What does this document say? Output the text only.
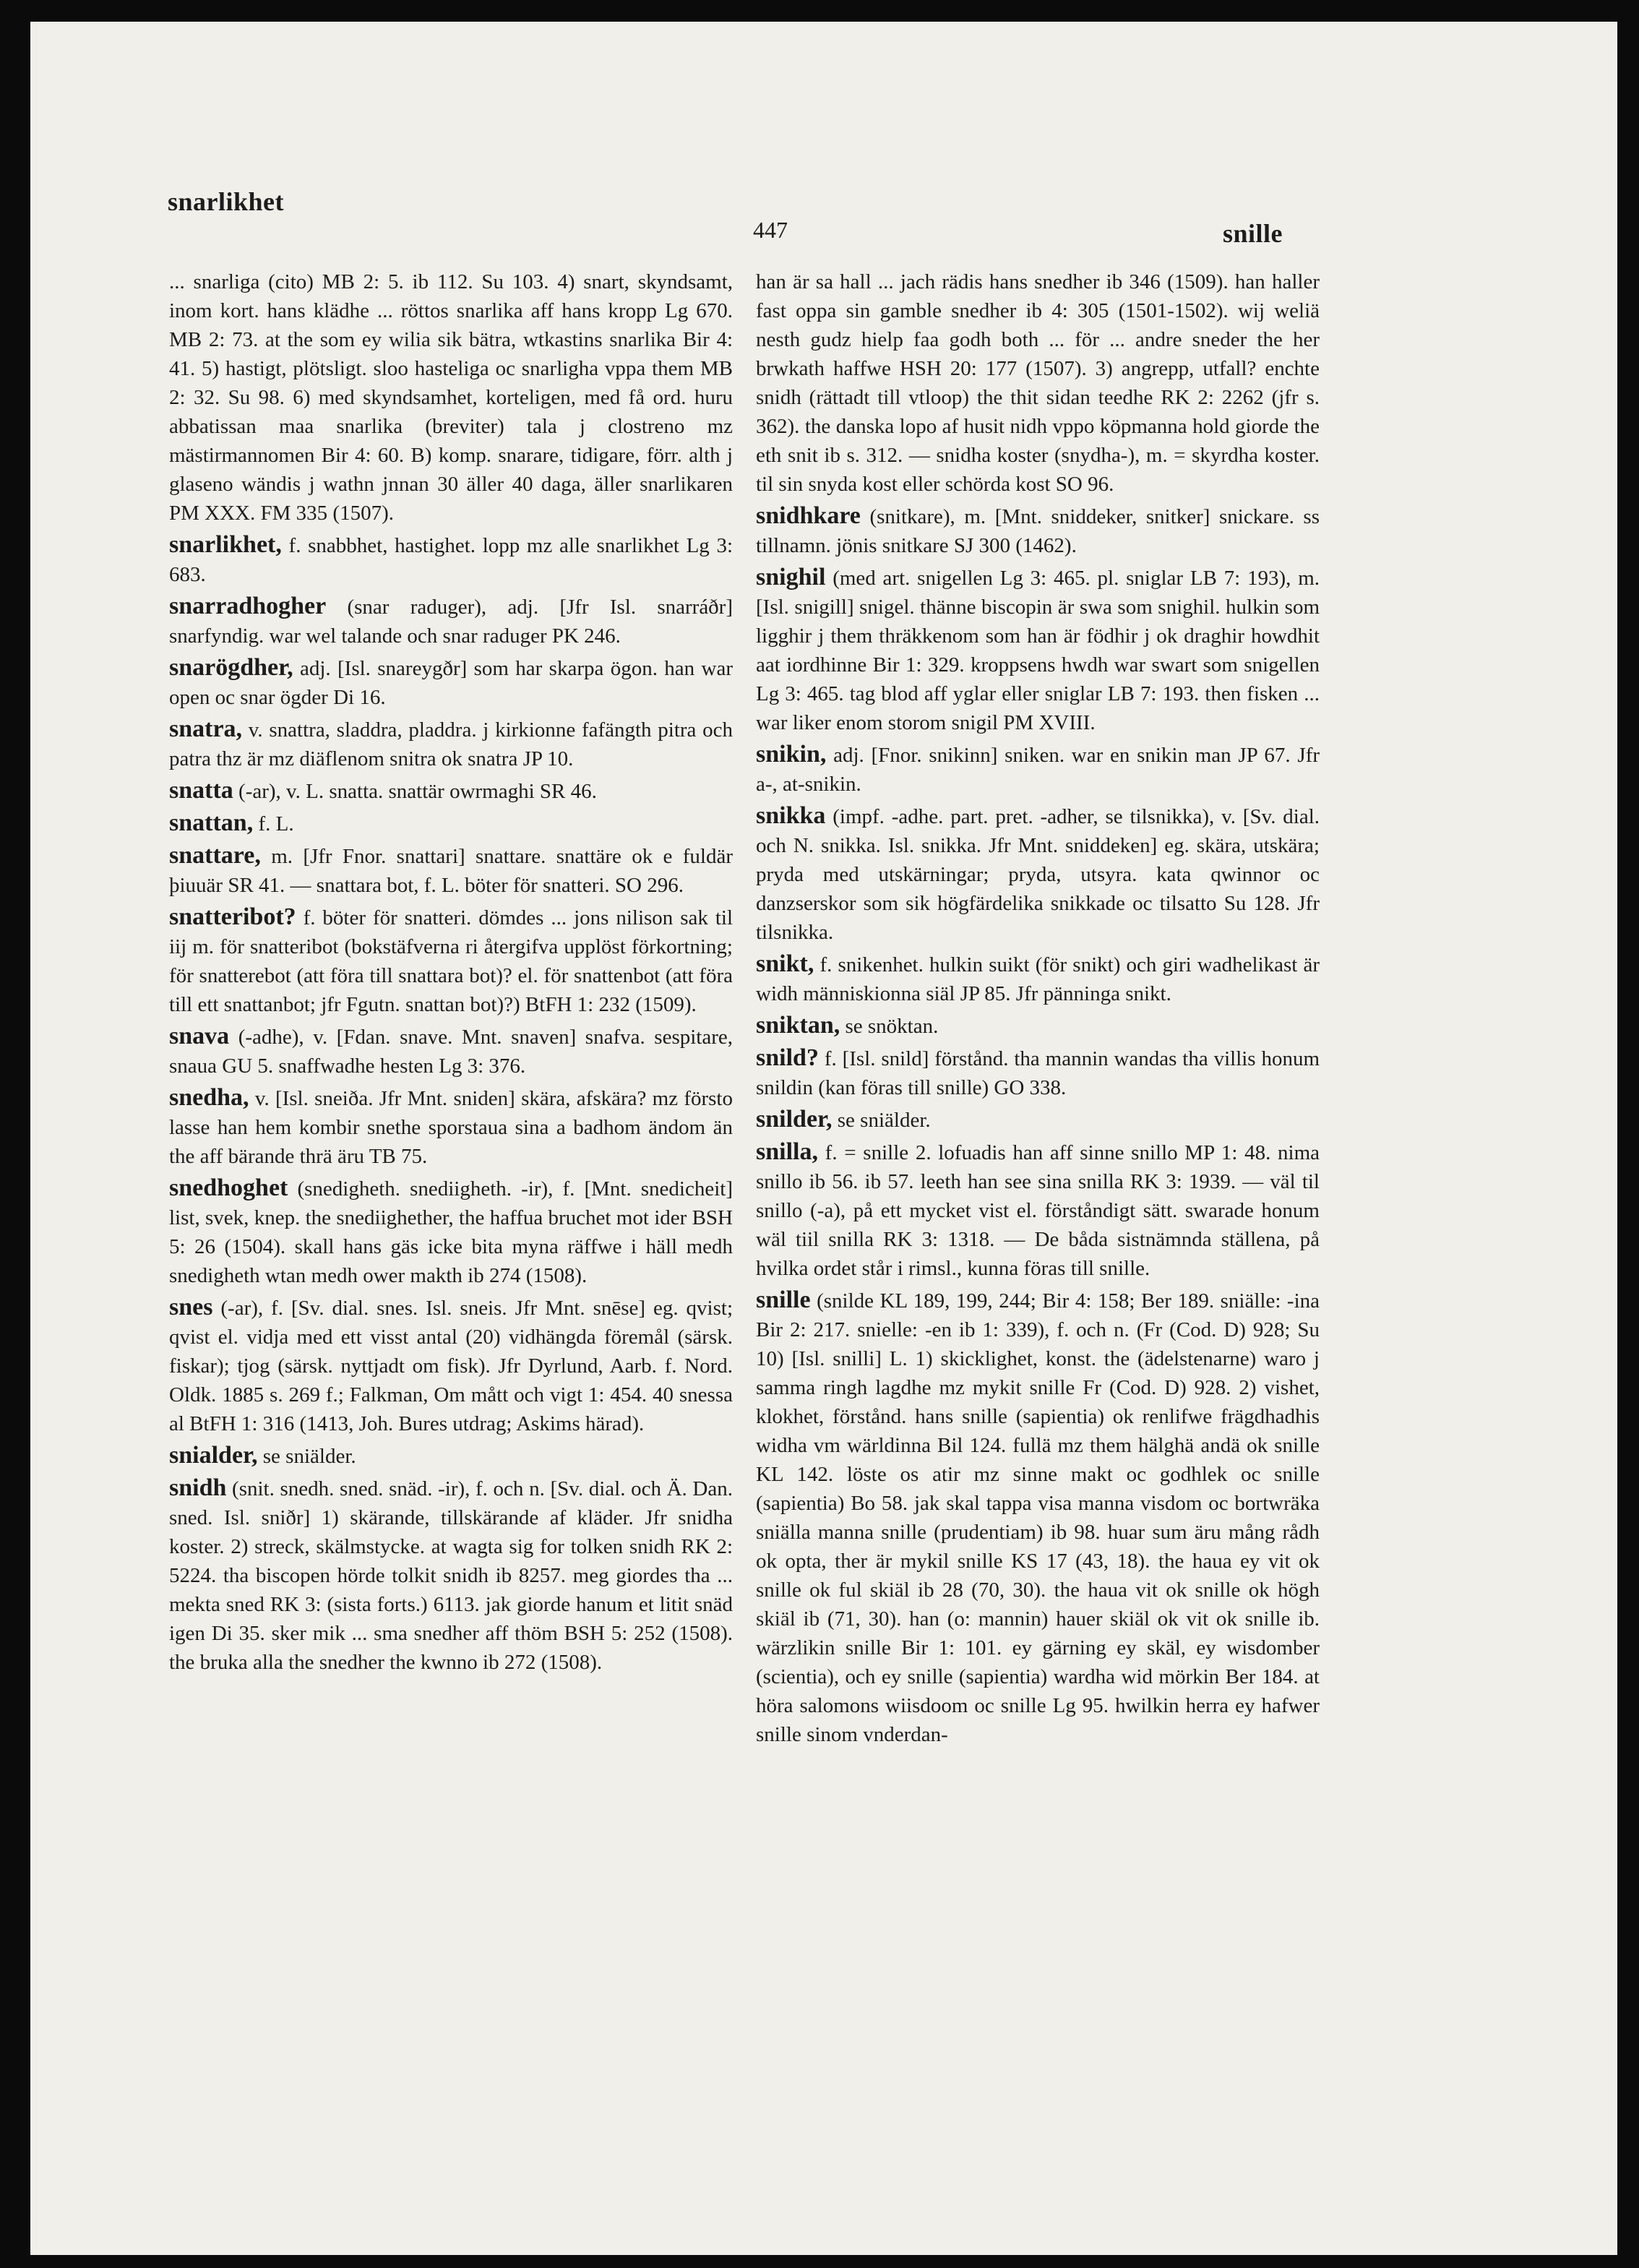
snarlikhet
447	snille

... snarliga (cito) MB 2: 5. ib 112. Su 103. 4) snart, skyndsamt, inom kort. hans klädhe ... röttos snarlika aff hans kropp Lg 670. MB 2: 73. at the som ey wilia sik bätra, wtkastins snarlika Bir 4: 41. 5) hastigt, plötsligt. sloo hasteliga oc snarligha vppa them MB 2: 32. Su 98. 6) med skyndsamhet, korteligen, med få ord. huru abbatissan maa snarlika (breviter) tala j clostreno mz mästirmannomen Bir 4: 60. B) komp. snarare, tidigare, förr. alth j glaseno wändis j wathn jnnan 30 äller 40 daga, äller snarlikaren PM XXX. FM 335 (1507).

snarlikhet, f. snabbhet, hastighet. lopp mz alle snarlikhet Lg 3: 683.

snarradhogher (snar raduger), adj. [Jfr Isl. snarráðr] snarfyndig. war wel talande och snar raduger PK 246.

snarögdher, adj. [Isl. snareygðr] som har skarpa ögon. han war open oc snar ögder Di 16.

snatra, v. snattra, sladdra, pladdra. j kirkionne fafängth pitra och patra thz är mz diäflenom snitra ok snatra JP 10.

snatta (-ar), v. L. snatta. snattär owrmaghi SR 46.

snattan, f. L.

snattare, m. [Jfr Fnor. snattari] snattare. snattäre ok e fuldär þiuuär SR 41. — snattara bot, f. L. böter för snatteri. SO 296.

snatteribot? f. böter för snatteri. dömdes ... jons nilison sak til iij m. för snatteribot (bokstäfverna ri återgifva upplöst förkortning; för snatterebot (att föra till snattara bot)? el. för snattenbot (att föra till ett snattanbot; jfr Fgutn. snattan bot)?) BtFH 1: 232 (1509).

snava (-adhe), v. [Fdan. snave. Mnt. snaven] snafva. sespitare, snaua GU 5. snaffwadhe hesten Lg 3: 376.

snedha, v. [Isl. sneiða. Jfr Mnt. sniden] skära, afskära? mz försto lasse han hem kombir snethe sporstaua sina a badhom ändom än the aff bärande thrä äru TB 75.

snedhoghet (snedigheth. snediigheth. -ir), f. [Mnt. snedicheit] list, svek, knep. the snediighether, the haffua bruchet mot ider BSH 5: 26 (1504). skall hans gäs icke bita myna räffwe i häll medh snedigheth wtan medh ower makth ib 274 (1508).

snes (-ar), f. [Sv. dial. snes. Isl. sneis. Jfr Mnt. snēse] eg. qvist; qvist el. vidja med ett visst antal (20) vidhängda föremål (särsk. fiskar); tjog (särsk. nyttjadt om fisk). Jfr Dyrlund, Aarb. f. Nord. Oldk. 1885 s. 269 f.; Falkman, Om mått och vigt 1: 454. 40 snessa al BtFH 1: 316 (1413, Joh. Bures utdrag; Askims härad).

snialder, se sniälder.

snidh (snit. snedh. sned. snäd. -ir), f. och n. [Sv. dial. och Ä. Dan. sned. Isl. sniðr] 1) skärande, tillskärande af kläder. Jfr snidha koster. 2) streck, skälmstycke. at wagta sig for tolken snidh RK 2: 5224. tha biscopen hörde tolkit snidh ib 8257. meg giordes tha ... mekta sned RK 3: (sista forts.) 6113. jak giorde hanum et litit snäd igen Di 35. sker mik ... sma snedher aff thöm BSH 5: 252 (1508). the bruka alla the snedher the kwnno ib 272 (1508).

han är sa hall ... jach rädis hans snedher ib 346 (1509). han haller fast oppa sin gamble snedher ib 4: 305 (1501-1502). wij weliä nesth gudz hielp faa godh both ... för ... andre sneder the her brwkath haffwe HSH 20: 177 (1507). 3) angrepp, utfall? enchte snidh (rättadt till vtloop) the thit sidan teedhe RK 2: 2262 (jfr s. 362). the danska lopo af husit nidh vppo köpmanna hold giorde the eth snit ib s. 312. — snidha koster (snydha-), m. = skyrdha koster. til sin snyda kost eller schörda kost SO 96.

snidhkare (snitkare), m. [Mnt. sniddeker, snitker] snickare. ss tillnamn. jönis snitkare SJ 300 (1462).

snighil (med art. snigellen Lg 3: 465. pl. sniglar LB 7: 193), m. [Isl. snigill] snigel. thänne biscopin är swa som snighil. hulkin som ligghir j them thräkkenom som han är födhir j ok draghir howdhit aat iordhinne Bir 1: 329. kroppsens hwdh war swart som snigellen Lg 3: 465. tag blod aff yglar eller sniglar LB 7: 193. then fisken ... war liker enom storom snigil PM XVIII.

snikin, adj. [Fnor. snikinn] sniken. war en snikin man JP 67. Jfr a-, at-snikin.

snikka (impf. -adhe. part. pret. -adher, se tilsnikka), v. [Sv. dial. och N. snikka. Isl. snikka. Jfr Mnt. sniddeken] eg. skära, utskära; pryda med utskärningar; pryda, utsyra. kata qwinnor oc danzserskor som sik högfärdelika snikkade oc tilsatto Su 128. Jfr tilsnikka.

snikt, f. snikenhet. hulkin suikt (för snikt) och giri wadhelikast är widh människionna siäl JP 85. Jfr pänninga snikt.

sniktan, se snöktan.

snild? f. [Isl. snild] förstånd. tha mannin wandas tha villis honum snildin (kan föras till snille) GO 338.

snilder, se sniälder.

snilla, f. = snille 2. lofuadis han aff sinne snillo MP 1: 48. nima snillo ib 56. ib 57. leeth han see sina snilla RK 3: 1939. — väl til snillo (-a), på ett mycket vist el. förståndigt sätt. swarade honum wäl tiil snilla RK 3: 1318. — De båda sistnämnda ställena, på hvilka ordet står i rimsl., kunna föras till snille.

snille (snilde KL 189, 199, 244; Bir 4: 158; Ber 189. sniälle: -ina Bir 2: 217. snielle: -en ib 1: 339), f. och n. (Fr (Cod. D) 928; Su 10) [Isl. snilli] L. 1) skicklighet, konst. the (ädelstenarne) waro j samma ringh lagdhe mz mykit snille Fr (Cod. D) 928. 2) vishet, klokhet, förstånd. hans snille (sapientia) ok renlifwe frägdhadhis widha vm wärldinna Bil 124. fullä mz them hälghä andä ok snille KL 142. löste os atir mz sinne makt oc godhlek oc snille (sapientia) Bo 58. jak skal tappa visa manna visdom oc bortwräka sniälla manna snille (prudentiam) ib 98. huar sum äru mång rådh ok opta, ther är mykil snille KS 17 (43, 18). the haua ey vit ok snille ok ful skiäl ib 28 (70, 30). the haua vit ok snille ok högh skiäl ib (71, 30). han (o: mannin) hauer skiäl ok vit ok snille ib. wärzlikin snille Bir 1: 101. ey gärning ey skäl, ey wisdomber (scientia), och ey snille (sapientia) wardha wid mörkin Ber 184. at höra salomons wiisdoom oc snille Lg 95. hwilkin herra ey hafwer snille sinom vnderdan-
